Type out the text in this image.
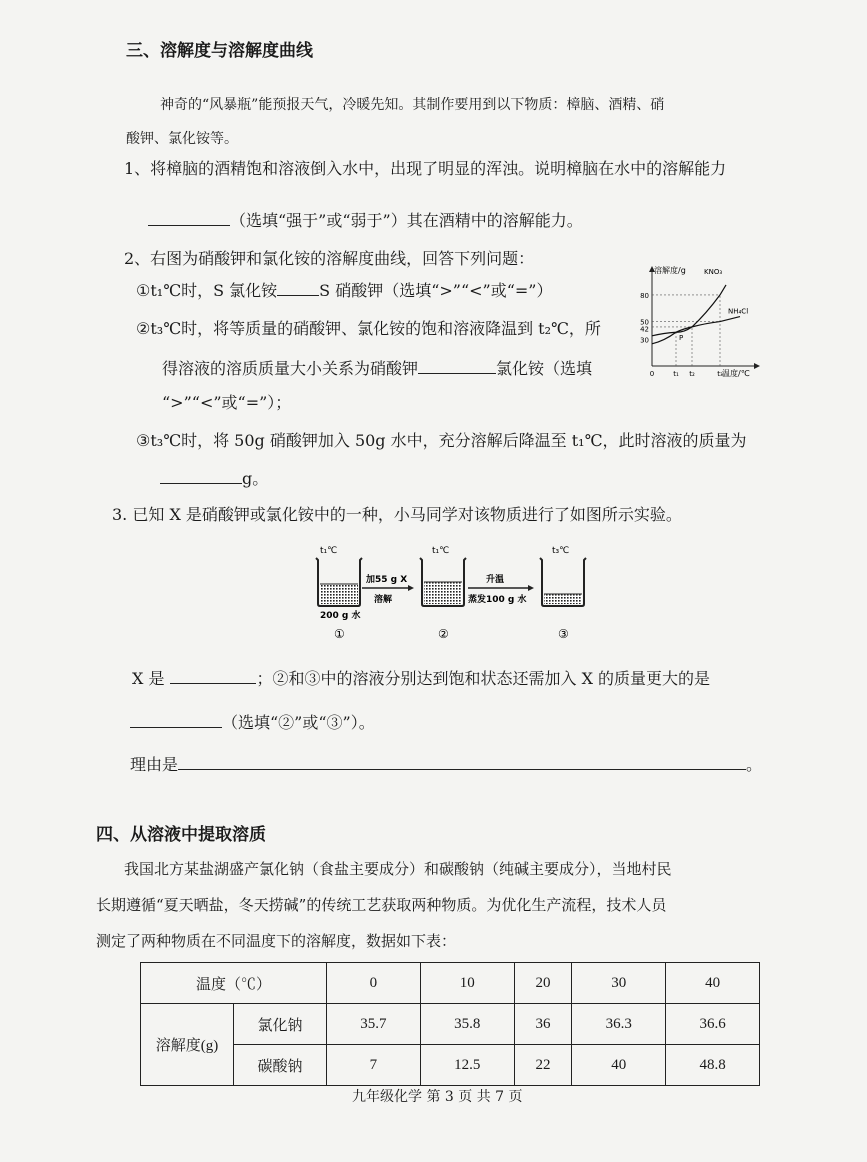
三、溶解度与溶解度曲线
神奇的“风暴瓶”能预报天气，冷暖先知。其制作要用到以下物质：樟脑、酒精、硝
酸钾、氯化铵等。
1、将樟脑的酒精饱和溶液倒入水中，出现了明显的浑浊。说明樟脑在水中的溶解能力
（选填“强于”或“弱于”）其在酒精中的溶解能力。
2、右图为硝酸钾和氯化铵的溶解度曲线，回答下列问题：
①t₁℃时，S 氯化铵	S 硝酸钾（选填“>”“<”或“=”）
②t₃℃时，将等质量的硝酸钾、氯化铵的饱和溶液降温到 t₂℃，所
得溶液的溶质质量大小关系为硝酸钾	氯化铵（选填
“>”“<”或“=”）；
③t₃℃时，将 50g 硝酸钾加入 50g 水中，充分溶解后降温至 t₁℃，此时溶液的质量为
g。
溶解度/g
温度/℃
80
50
42
30
0	t₁ t₂	t₃
KNO₃
NH₄Cl
P
3. 已知 X 是硝酸钾或氯化铵中的一种，小马同学对该物质进行了如图所示实验。
t₁℃	t₁℃	t₃℃
200 g 水
加55 g X
溶解
升温
蒸发100 g 水
①	②	③
X 是	；②和③中的溶液分别达到饱和状态还需加入 X 的质量更大的是
（选填“②”或“③”）。
理由是	。
四、从溶液中提取溶质
我国北方某盐湖盛产氯化钠（食盐主要成分）和碳酸钠（纯碱主要成分），当地村民
长期遵循“夏天晒盐，冬天捞碱”的传统工艺获取两种物质。为优化生产流程，技术人员
测定了两种物质在不同温度下的溶解度，数据如下表：
温度（℃）		0	10	20	30	40
溶解度(g)	氯化钠	35.7	35.8	36	36.3	36.6
	碳酸钠	7	12.5	22	40	48.8
九年级化学 第 3 页 共 7 页
